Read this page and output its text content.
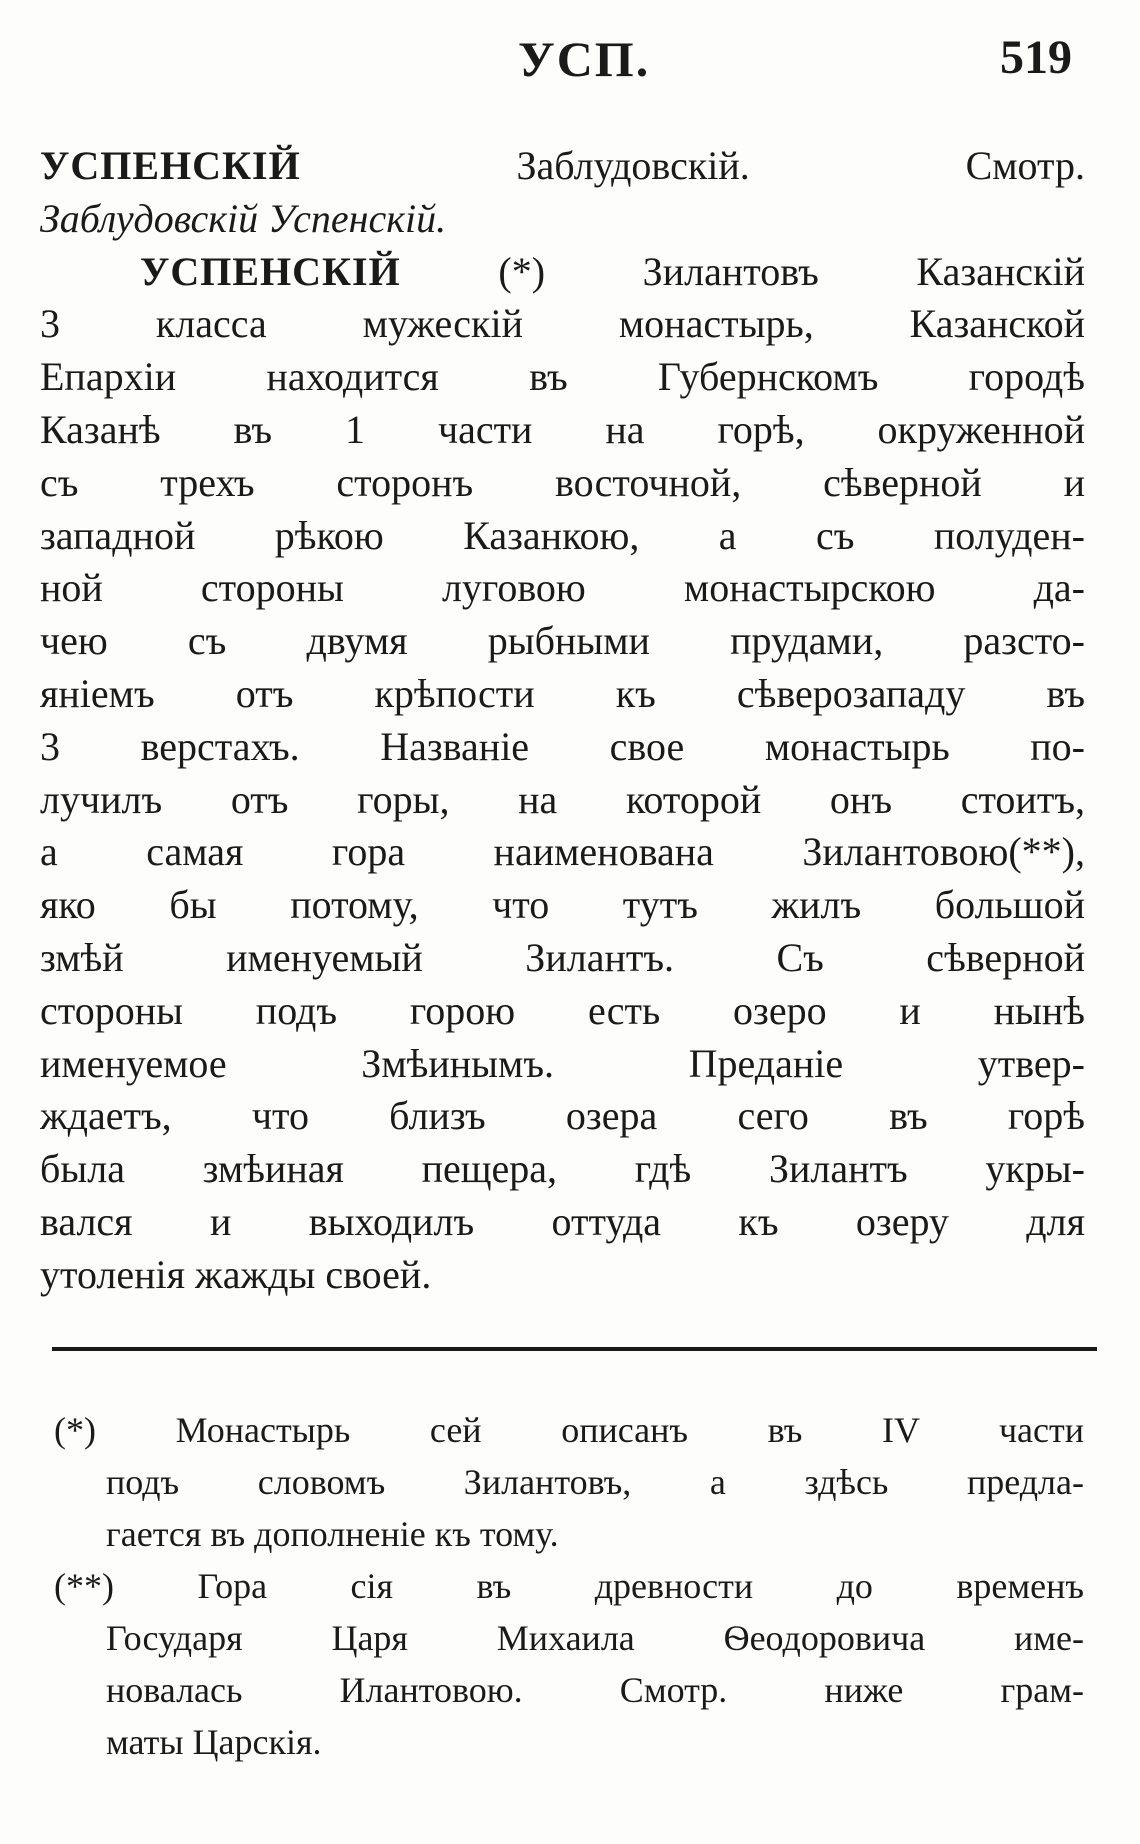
УСП.	519
УСПЕНСКІЙ Заблудовскій. Смотр.
Заблудовскій Успенскій.
УСПЕНСКІЙ (*) Зилантовъ Казанскій
3 класса мужескій монастырь, Казанской
Епархіи находится въ Губернскомъ городѣ
Казанѣ въ 1 части на горѣ, окруженной
съ трехъ сторонъ восточной, сѣверной и
западной рѣкою Казанкою, а съ полуден-
ной стороны луговою монастырскою да-
чею съ двумя рыбными прудами, разсто-
яніемъ отъ крѣпости къ сѣверозападу въ
3 верстахъ. Названіе свое монастырь по-
лучилъ отъ горы, на которой онъ стоитъ,
а самая гора наименована Зилантовою(**),
яко бы потому, что тутъ жилъ большой
змѣй именуемый Зилантъ. Съ сѣверной
стороны подъ горою есть озеро и нынѣ
именуемое Змѣинымъ. Преданіе утвер-
ждаетъ, что близъ озера сего въ горѣ
была змѣиная пещера, гдѣ Зилантъ укры-
вался и выходилъ оттуда къ озеру для
утоленія жажды своей.
(*) Монастырь сей описанъ въ IV части
подъ словомъ Зилантовъ, а здѣсь предла-
гается въ дополненіе къ тому.
(**) Гора сія въ древности до временъ
Государя Царя Михаила Ѳеодоровича име-
новалась Илантовою. Смотр. ниже грам-
маты Царскія.
